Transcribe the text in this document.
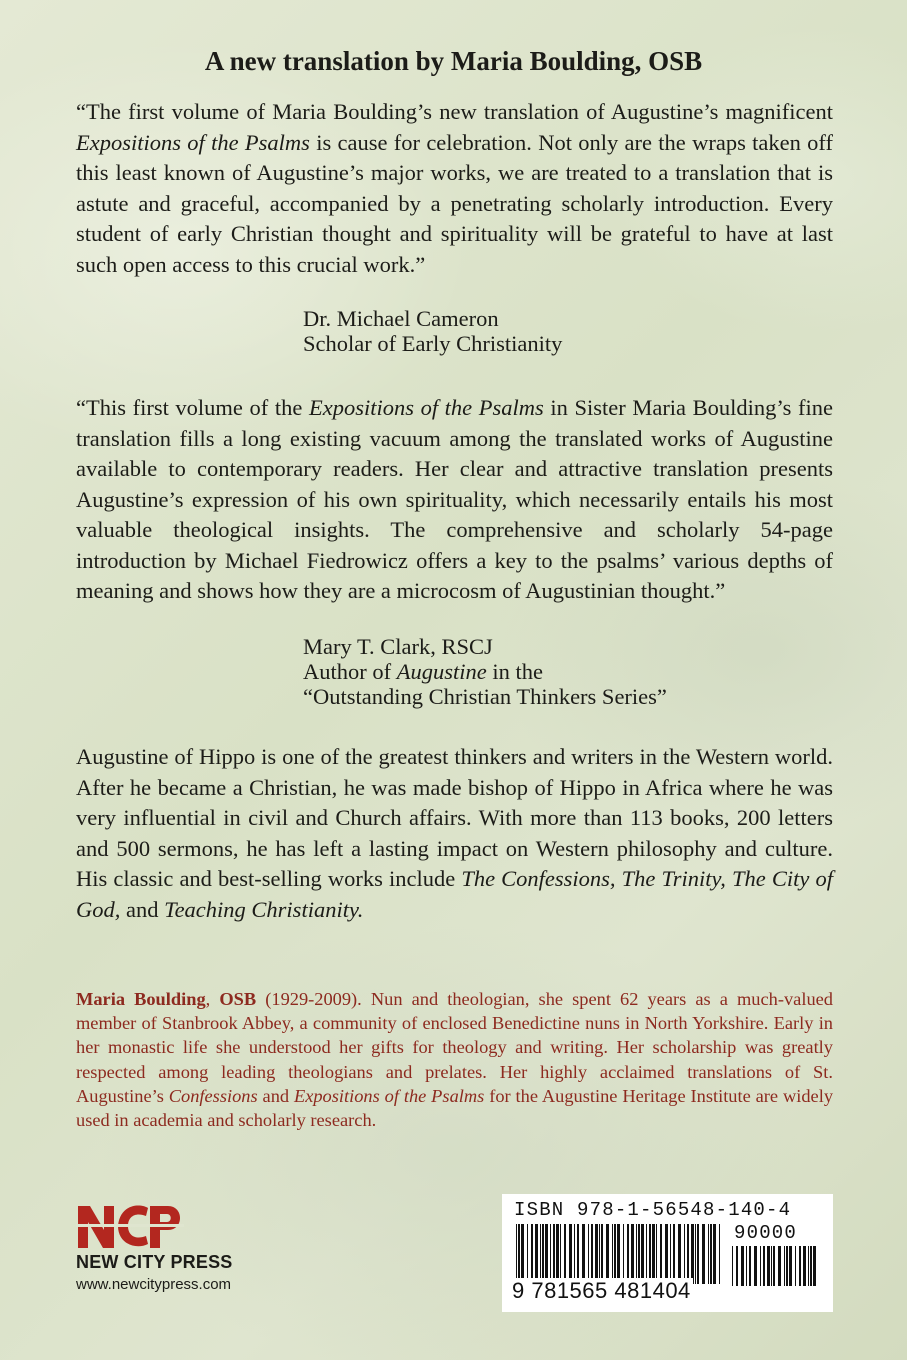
A new translation by Maria Boulding, OSB

“The first volume of Maria Boulding’s new translation of Augustine’s magnificent Expositions of the Psalms is cause for celebration. Not only are the wraps taken off this least known of Augustine’s major works, we are treated to a translation that is astute and graceful, accompanied by a penetrating scholarly introduction. Every student of early Christian thought and spirituality will be grateful to have at last such open access to this crucial work.”

Dr. Michael Cameron
Scholar of Early Christianity

“This first volume of the Expositions of the Psalms in Sister Maria Boulding’s fine translation fills a long existing vacuum among the translated works of Augustine available to contemporary readers. Her clear and attractive translation presents Augustine’s expression of his own spirituality, which necessarily entails his most valuable theological insights. The comprehensive and scholarly 54-page introduction by Michael Fiedrowicz offers a key to the psalms’ various depths of meaning and shows how they are a microcosm of Augustinian thought.”

Mary T. Clark, RSCJ
Author of Augustine in the
“Outstanding Christian Thinkers Series”

Augustine of Hippo is one of the greatest thinkers and writers in the Western world. After he became a Christian, he was made bishop of Hippo in Africa where he was very influential in civil and Church affairs. With more than 113 books, 200 letters and 500 sermons, he has left a lasting impact on Western philosophy and culture. His classic and best-selling works include The Confessions, The Trinity, The City of God, and Teaching Christianity.

Maria Boulding, OSB (1929-2009). Nun and theologian, she spent 62 years as a much-valued member of Stanbrook Abbey, a community of enclosed Benedictine nuns in North Yorkshire. Early in her monastic life she understood her gifts for theology and writing. Her scholarship was greatly respected among leading theologians and prelates. Her highly acclaimed translations of St. Augustine’s Confessions and Expositions of the Psalms for the Augustine Heritage Institute are widely used in academia and scholarly research.

NEW CITY PRESS
www.newcitypress.com
ISBN 978-1-56548-140-4
90000
9 781565 481404
